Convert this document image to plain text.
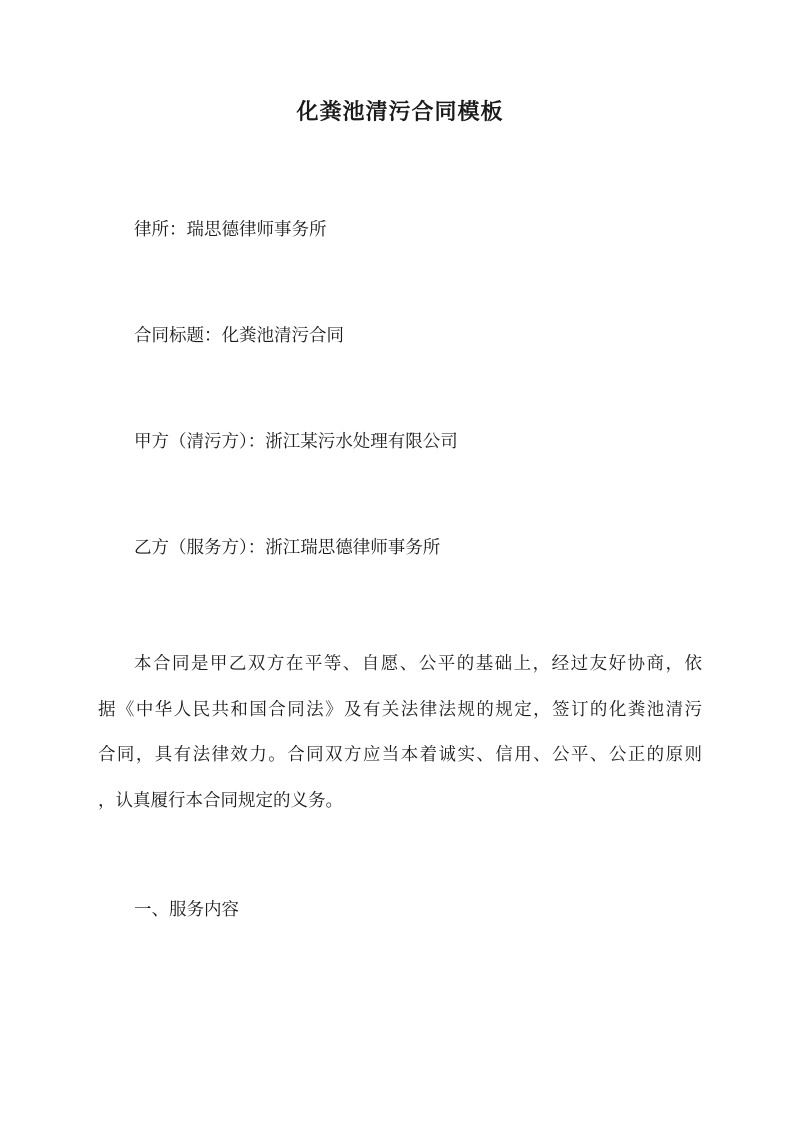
化粪池清污合同模板

律所：瑞思德律师事务所

合同标题：化粪池清污合同

甲方（清污方）：浙江某污水处理有限公司

乙方（服务方）：浙江瑞思德律师事务所

本合同是甲乙双方在平等、自愿、公平的基础上，经过友好协商，依
据《中华人民共和国合同法》及有关法律法规的规定，签订的化粪池清污
合同，具有法律效力。合同双方应当本着诚实、信用、公平、公正的原则
，认真履行本合同规定的义务。

一、服务内容
